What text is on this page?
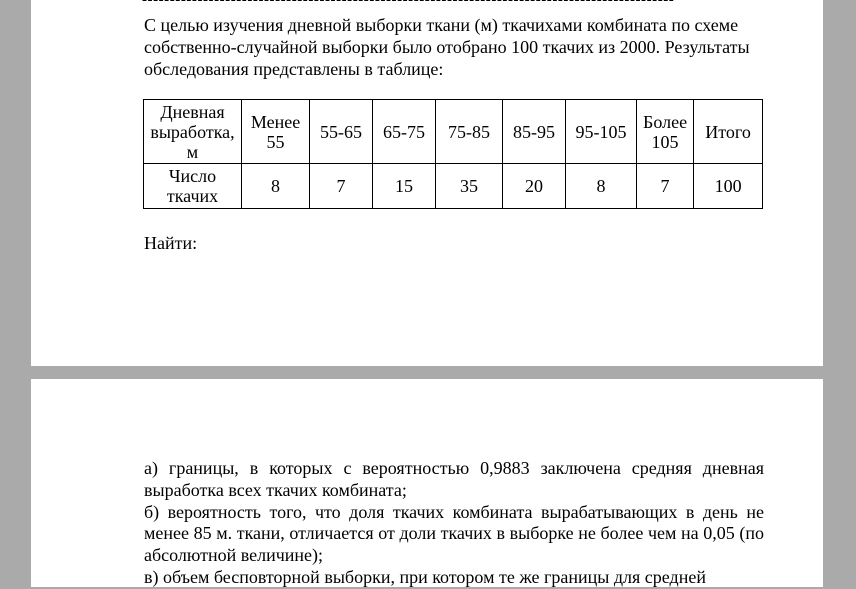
------------------------------------------------------------------------------------------------
С целью изучения дневной выборки ткани (м) ткачихами комбината по схеме собственно-случайной выборки было отобрано 100 ткачих из 2000. Результаты обследования представлены в таблице:
Дневная выработка, м	Менее 55	55-65	65-75	75-85	85-95	95-105	Более 105	Итого
Число ткачих	8	7	15	35	20	8	7	100
Найти:

а) границы, в которых с вероятностью 0,9883 заключена средняя дневная выработка всех ткачих комбината;

б) вероятность того, что доля ткачих комбината вырабатывающих в день не менее 85 м. ткани, отличается от доли ткачих в выборке не более чем на 0,05 (по абсолютной величине);

в) объем бесповторной выборки, при котором те же границы для средней
